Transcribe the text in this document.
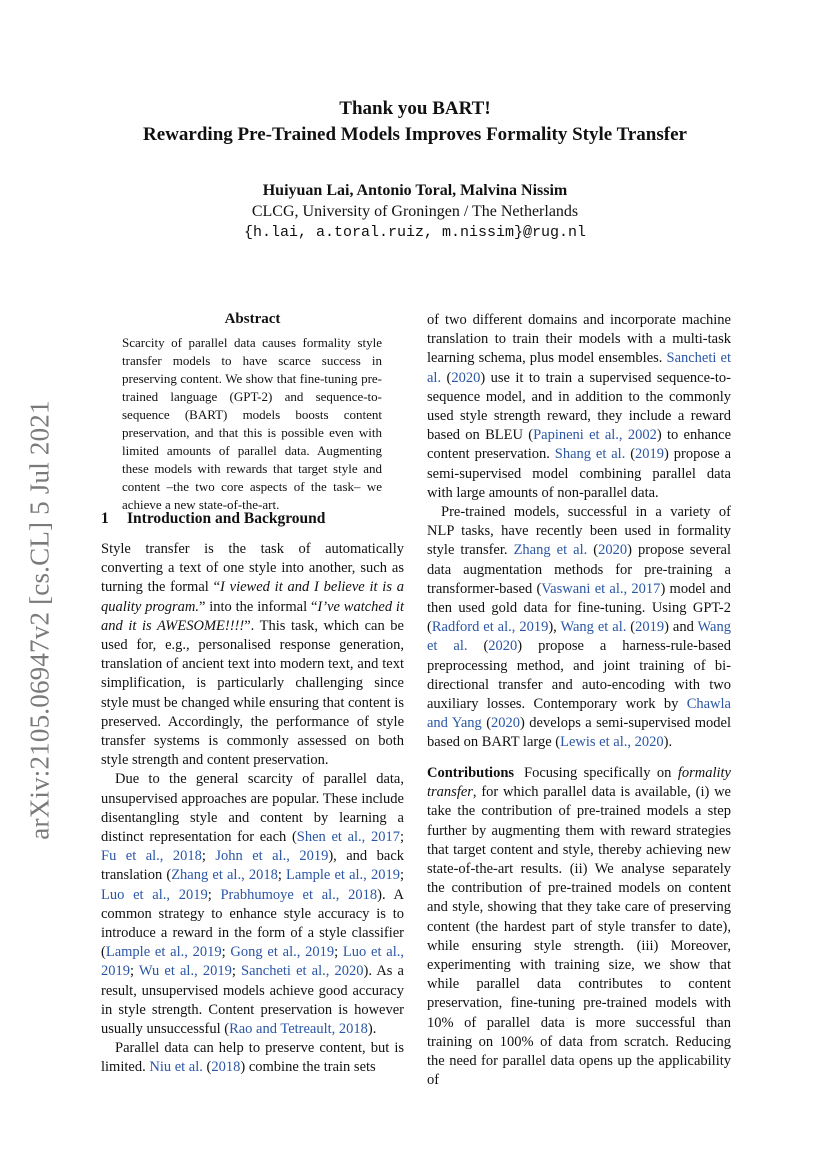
arXiv:2105.06947v2 [cs.CL] 5 Jul 2021
Thank you BART!
Rewarding Pre-Trained Models Improves Formality Style Transfer
Huiyuan Lai, Antonio Toral, Malvina Nissim
CLCG, University of Groningen / The Netherlands
{h.lai, a.toral.ruiz, m.nissim}@rug.nl
Abstract
Scarcity of parallel data causes formality style transfer models to have scarce success in preserving content. We show that fine-tuning pre-trained language (GPT-2) and sequence-to-sequence (BART) models boosts content preservation, and that this is possible even with limited amounts of parallel data. Augmenting these models with rewards that target style and content –the two core aspects of the task– we achieve a new state-of-the-art.
1 Introduction and Background

Style transfer is the task of automatically converting a text of one style into another, such as turning the formal “I viewed it and I believe it is a quality program.” into the informal “I’ve watched it and it is AWESOME!!!!”. This task, which can be used for, e.g., personalised response generation, translation of ancient text into modern text, and text simplification, is particularly challenging since style must be changed while ensuring that content is preserved. Accordingly, the performance of style transfer systems is commonly assessed on both style strength and content preservation.

Due to the general scarcity of parallel data, unsupervised approaches are popular. These include disentangling style and content by learning a distinct representation for each (Shen et al., 2017; Fu et al., 2018; John et al., 2019), and back translation (Zhang et al., 2018; Lample et al., 2019; Luo et al., 2019; Prabhumoye et al., 2018). A common strategy to enhance style accuracy is to introduce a reward in the form of a style classifier (Lample et al., 2019; Gong et al., 2019; Luo et al., 2019; Wu et al., 2019; Sancheti et al., 2020). As a result, unsupervised models achieve good accuracy in style strength. Content preservation is however usually unsuccessful (Rao and Tetreault, 2018).

Parallel data can help to preserve content, but is limited. Niu et al. (2018) combine the train sets

of two different domains and incorporate machine translation to train their models with a multi-task learning schema, plus model ensembles. Sancheti et al. (2020) use it to train a supervised sequence-to-sequence model, and in addition to the commonly used style strength reward, they include a reward based on BLEU (Papineni et al., 2002) to enhance content preservation. Shang et al. (2019) propose a semi-supervised model combining parallel data with large amounts of non-parallel data.

Pre-trained models, successful in a variety of NLP tasks, have recently been used in formality style transfer. Zhang et al. (2020) propose several data augmentation methods for pre-training a transformer-based (Vaswani et al., 2017) model and then used gold data for fine-tuning. Using GPT-2 (Radford et al., 2019), Wang et al. (2019) and Wang et al. (2020) propose a harness-rule-based preprocessing method, and joint training of bi-directional transfer and auto-encoding with two auxiliary losses. Contemporary work by Chawla and Yang (2020) develops a semi-supervised model based on BART large (Lewis et al., 2020).

Contributions Focusing specifically on formality transfer, for which parallel data is available, (i) we take the contribution of pre-trained models a step further by augmenting them with reward strategies that target content and style, thereby achieving new state-of-the-art results. (ii) We analyse separately the contribution of pre-trained models on content and style, showing that they take care of preserving content (the hardest part of style transfer to date), while ensuring style strength. (iii) Moreover, experimenting with training size, we show that while parallel data contributes to content preservation, fine-tuning pre-trained models with 10% of parallel data is more successful than training on 100% of data from scratch. Reducing the need for parallel data opens up the applicability of
